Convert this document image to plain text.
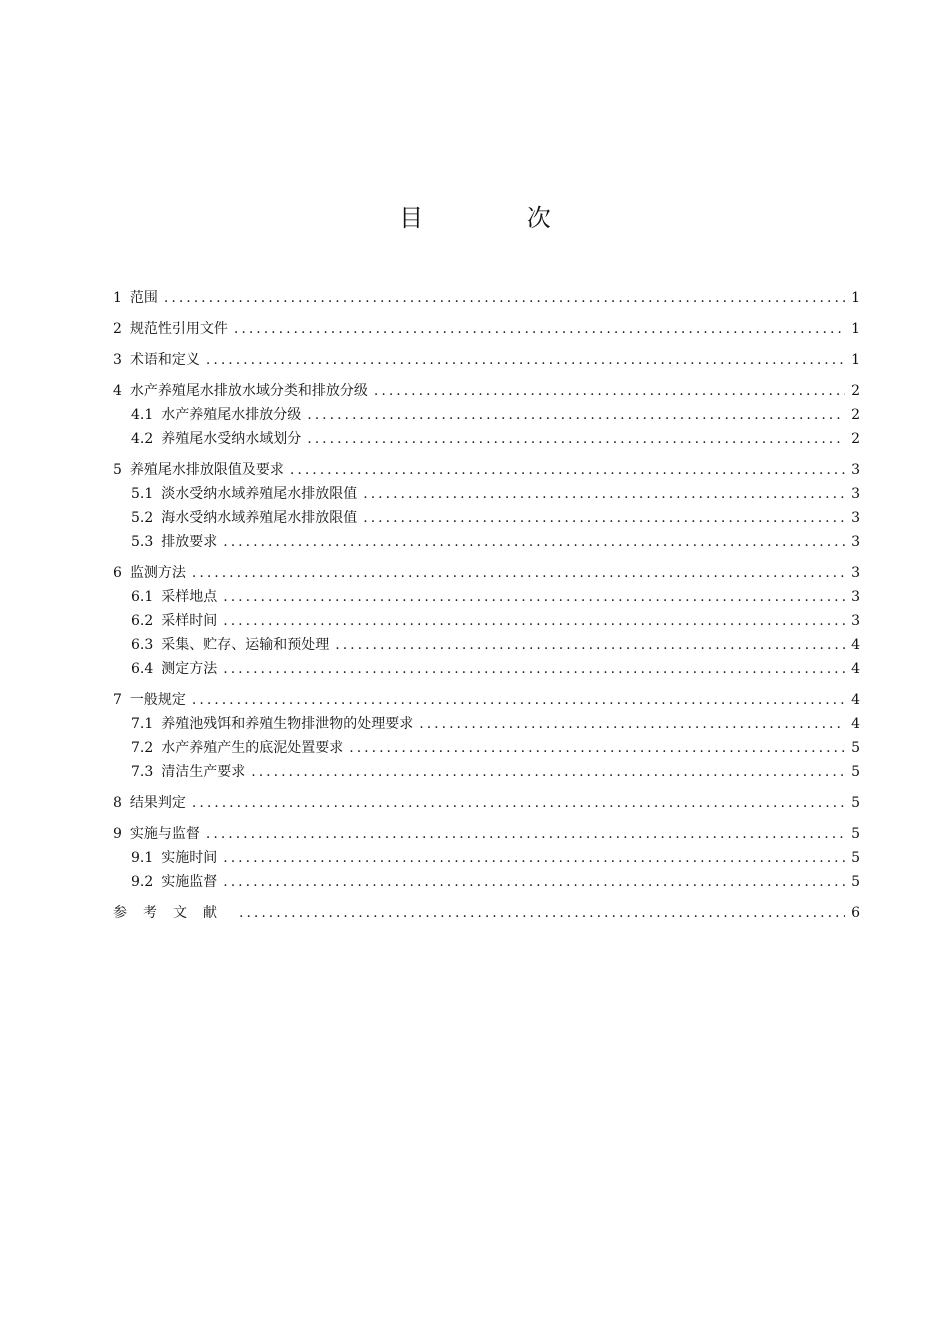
目 次
1 范围 .....	1
2 规范性引用文件 .....	1
3 术语和定义 .....	1
4 水产养殖尾水排放水域分类和排放分级 .....	2
4.1 水产养殖尾水排放分级 .....	2
4.2 养殖尾水受纳水域划分 .....	2
5 养殖尾水排放限值及要求 .....	3
5.1 淡水受纳水域养殖尾水排放限值 .....	3
5.2 海水受纳水域养殖尾水排放限值 .....	3
5.3 排放要求 .....	3
6 监测方法 .....	3
6.1 采样地点 .....	3
6.2 采样时间 .....	3
6.3 采集、贮存、运输和预处理 .....	4
6.4 测定方法 .....	4
7 一般规定 .....	4
7.1 养殖池残饵和养殖生物排泄物的处理要求 .....	4
7.2 水产养殖产生的底泥处置要求 .....	5
7.3 清洁生产要求 .....	5
8 结果判定 .....	5
9 实施与监督 .....	5
9.1 实施时间 .....	5
9.2 实施监督 .....	5
参考文献 .....	6
